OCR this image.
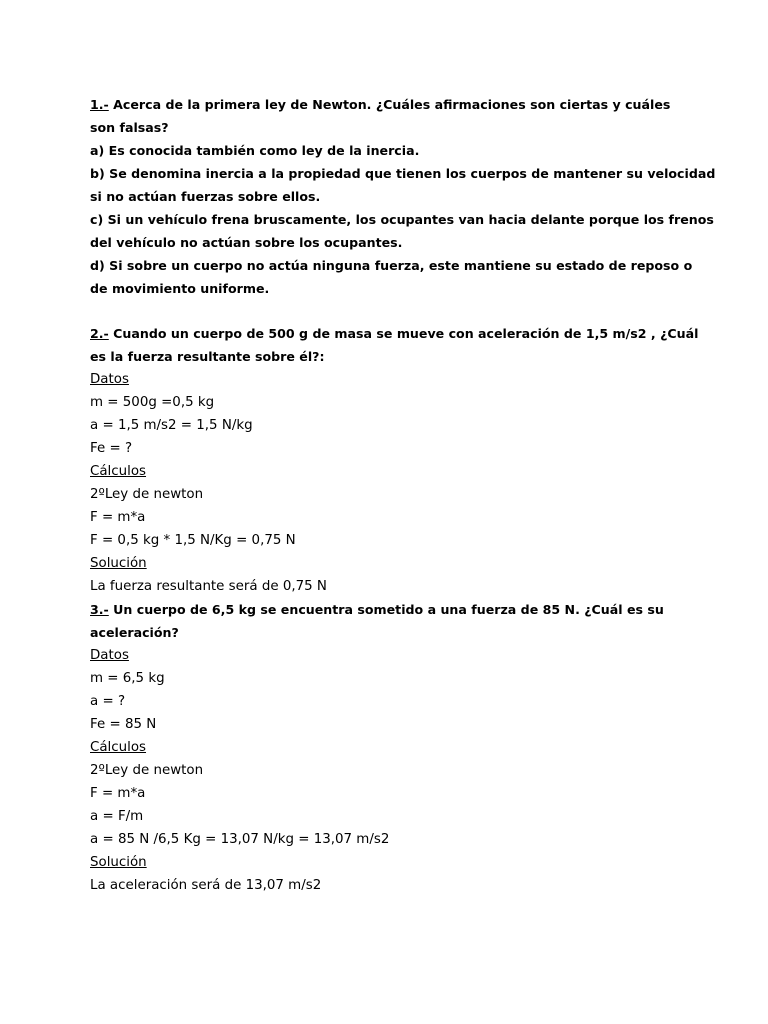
1.- Acerca de la primera ley de Newton. ¿Cuáles afirmaciones son ciertas y cuáles
son falsas?
a) Es conocida también como ley de la inercia.
b) Se denomina inercia a la propiedad que tienen los cuerpos de mantener su velocidad
si no actúan fuerzas sobre ellos.
c) Si un vehículo frena bruscamente, los ocupantes van hacia delante porque los frenos
del vehículo no actúan sobre los ocupantes.
d) Si sobre un cuerpo no actúa ninguna fuerza, este mantiene su estado de reposo o
de movimiento uniforme.
2.- Cuando un cuerpo de 500 g de masa se mueve con aceleración de 1,5 m/s2 , ¿Cuál
es la fuerza resultante sobre él?:
Datos
m = 500g =0,5 kg
a = 1,5 m/s2 = 1,5 N/kg
Fe = ?
Cálculos
2ºLey de newton
F = m*a
F = 0,5 kg * 1,5 N/Kg = 0,75 N
Solución
La fuerza resultante será de 0,75 N
3.- Un cuerpo de 6,5 kg se encuentra sometido a una fuerza de 85 N. ¿Cuál es su
aceleración?
Datos
m = 6,5 kg
a = ?
Fe = 85 N
Cálculos
2ºLey de newton
F = m*a
a = F/m
a = 85 N /6,5 Kg = 13,07 N/kg = 13,07 m/s2
Solución
La aceleración será de 13,07 m/s2
